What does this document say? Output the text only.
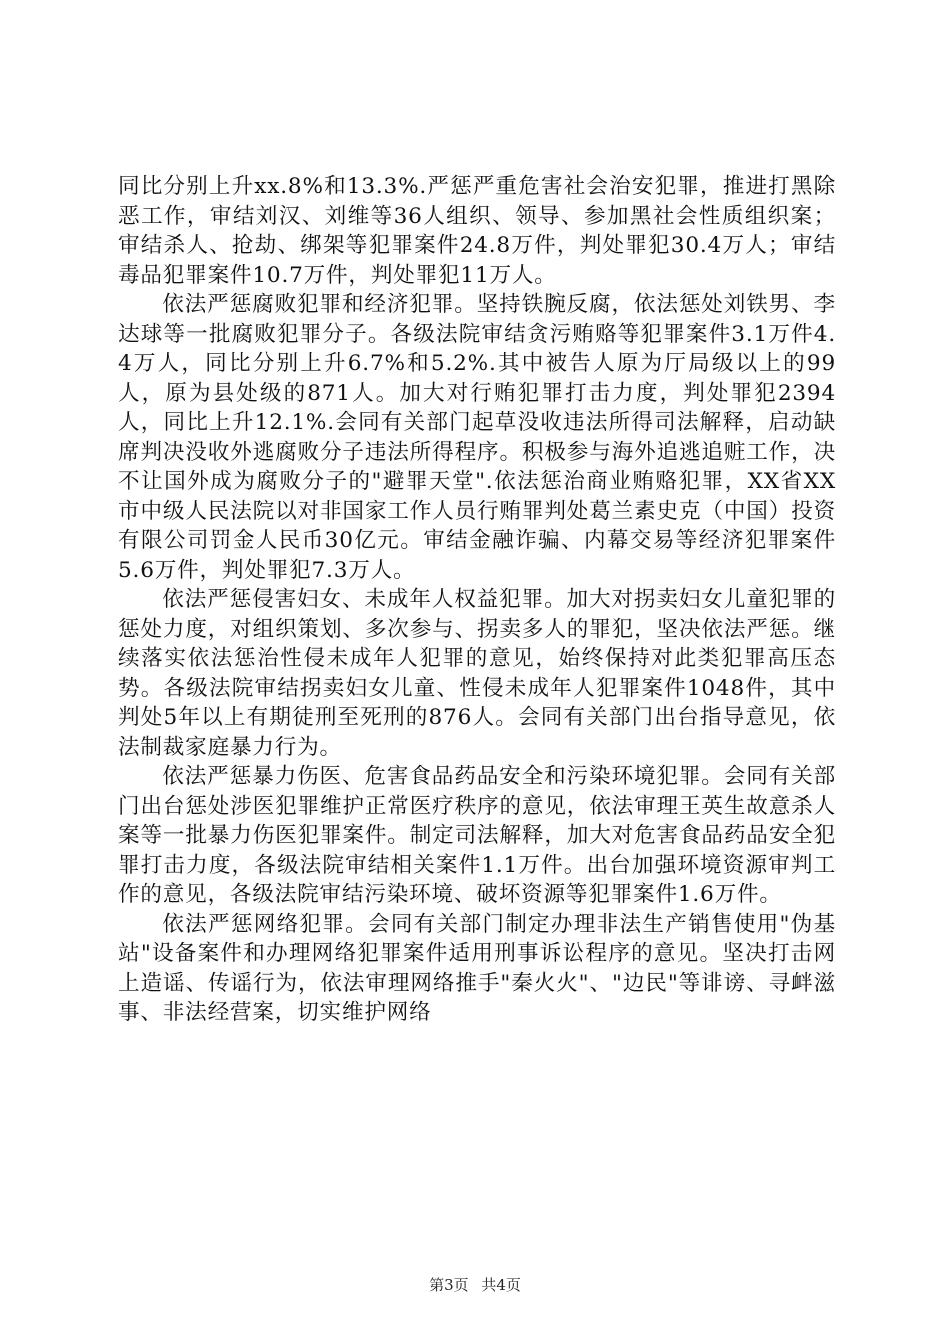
同比分别上升xx.8%和13.3%.严惩严重危害社会治安犯罪，推进打黑除恶工作，审结刘汉、刘维等36人组织、领导、参加黑社会性质组织案；审结杀人、抢劫、绑架等犯罪案件24.8万件，判处罪犯30.4万人；审结毒品犯罪案件10.7万件，判处罪犯11万人。

依法严惩腐败犯罪和经济犯罪。坚持铁腕反腐，依法惩处刘铁男、李达球等一批腐败犯罪分子。各级法院审结贪污贿赂等犯罪案件3.1万件4.4万人，同比分别上升6.7%和5.2%.其中被告人原为厅局级以上的99人，原为县处级的871人。加大对行贿犯罪打击力度，判处罪犯2394人，同比上升12.1%.会同有关部门起草没收违法所得司法解释，启动缺席判决没收外逃腐败分子违法所得程序。积极参与海外追逃追赃工作，决不让国外成为腐败分子的"避罪天堂".依法惩治商业贿赂犯罪，XX省XX市中级人民法院以对非国家工作人员行贿罪判处葛兰素史克（中国）投资有限公司罚金人民币30亿元。审结金融诈骗、内幕交易等经济犯罪案件5.6万件，判处罪犯7.3万人。

依法严惩侵害妇女、未成年人权益犯罪。加大对拐卖妇女儿童犯罪的惩处力度，对组织策划、多次参与、拐卖多人的罪犯，坚决依法严惩。继续落实依法惩治性侵未成年人犯罪的意见，始终保持对此类犯罪高压态势。各级法院审结拐卖妇女儿童、性侵未成年人犯罪案件1048件，其中判处5年以上有期徒刑至死刑的876人。会同有关部门出台指导意见，依法制裁家庭暴力行为。

依法严惩暴力伤医、危害食品药品安全和污染环境犯罪。会同有关部门出台惩处涉医犯罪维护正常医疗秩序的意见，依法审理王英生故意杀人案等一批暴力伤医犯罪案件。制定司法解释，加大对危害食品药品安全犯罪打击力度，各级法院审结相关案件1.1万件。出台加强环境资源审判工作的意见，各级法院审结污染环境、破坏资源等犯罪案件1.6万件。

依法严惩网络犯罪。会同有关部门制定办理非法生产销售使用"伪基站"设备案件和办理网络犯罪案件适用刑事诉讼程序的意见。坚决打击网上造谣、传谣行为，依法审理网络推手"秦火火"、"边民"等诽谤、寻衅滋事、非法经营案，切实维护网络

第3页 共4页
